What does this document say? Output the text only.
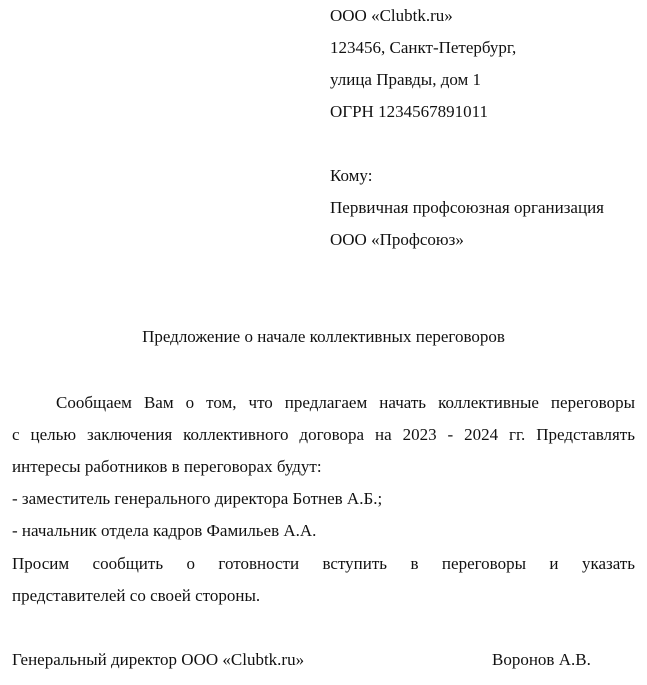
ООО «Clubtk.ru»
123456, Санкт-Петербург,
улица Правды, дом 1
ОГРН 1234567891011
Кому:
Первичная профсоюзная организация
ООО «Профсоюз»
Предложение о начале коллективных переговоров
Сообщаем Вам о том, что предлагаем начать коллективные переговоры
с целью заключения коллективного договора на 2023 - 2024 гг. Представлять
интересы работников в переговорах будут:
- заместитель генерального директора Ботнев А.Б.;
- начальник отдела кадров Фамильев А.А.
Просим сообщить о готовности вступить в переговоры и указать
представителей со своей стороны.
Генеральный директор ООО «Clubtk.ru»	Воронов А.В.
